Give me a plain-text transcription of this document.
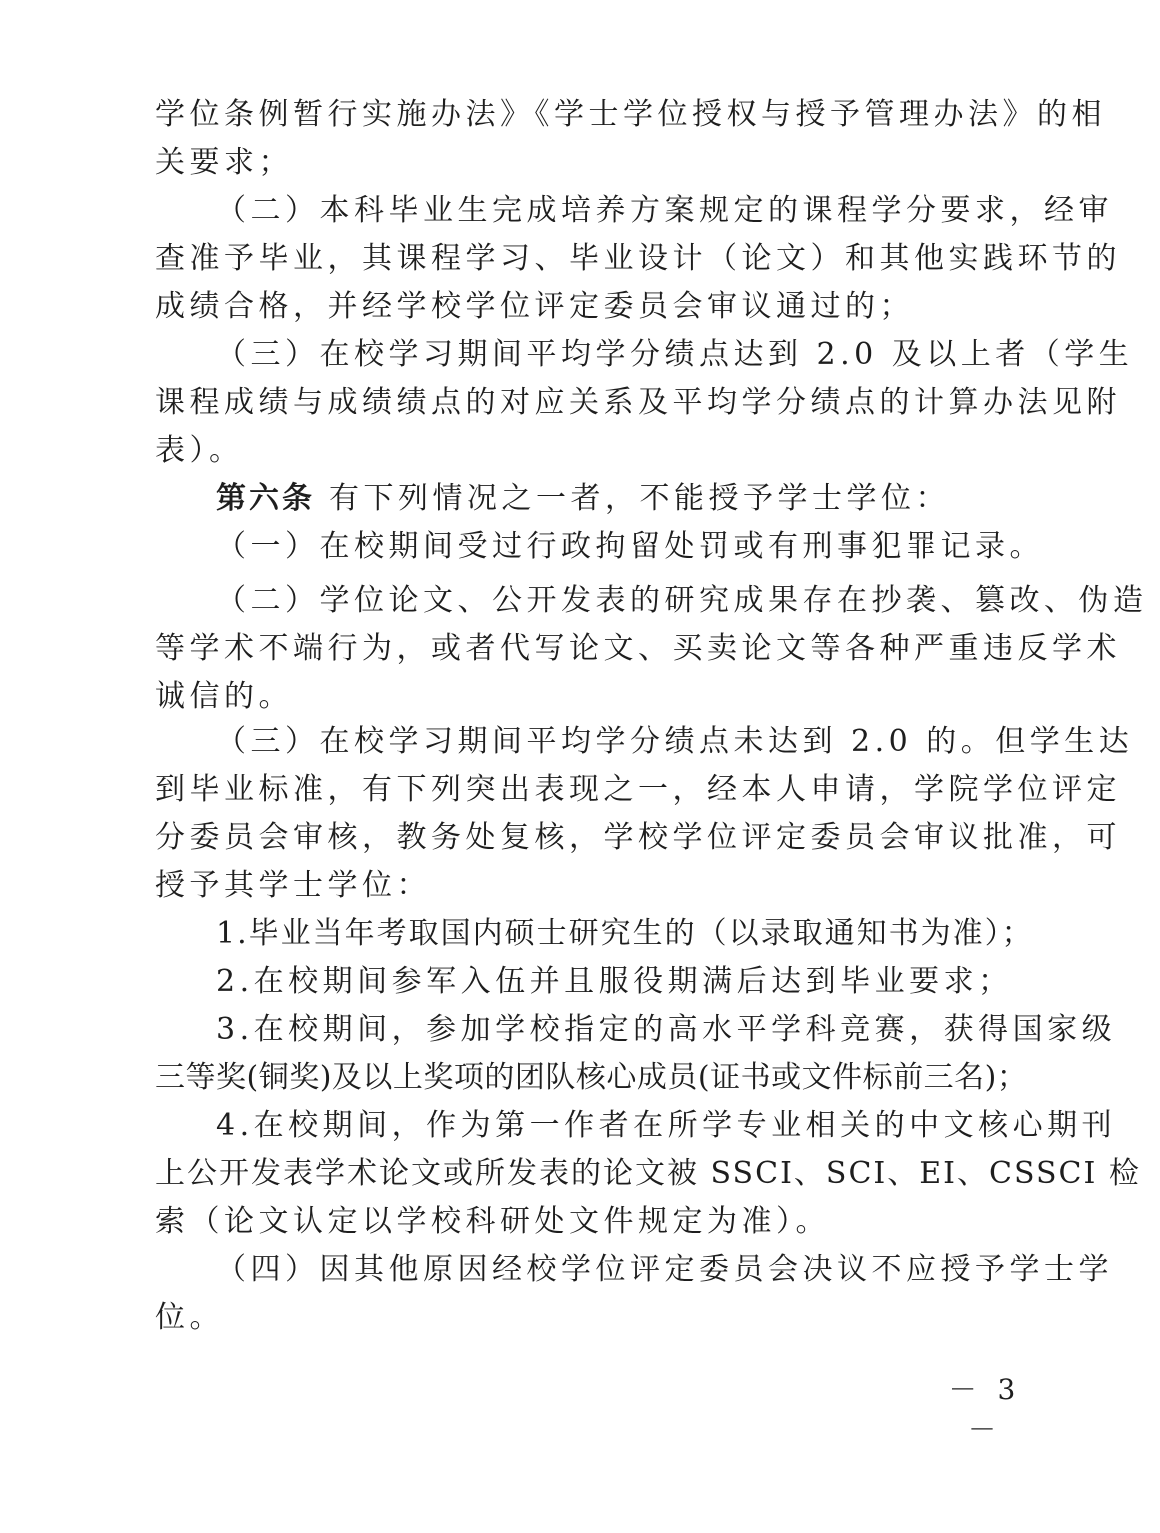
学位条例暂行实施办法》《学士学位授权与授予管理办法》的相
关要求；
（二）本科毕业生完成培养方案规定的课程学分要求，经审
查准予毕业，其课程学习、毕业设计（论文）和其他实践环节的
成绩合格，并经学校学位评定委员会审议通过的；
（三）在校学习期间平均学分绩点达到 2.0 及以上者（学生
课程成绩与成绩绩点的对应关系及平均学分绩点的计算办法见附
表）。
第六条 有下列情况之一者，不能授予学士学位：
（一）在校期间受过行政拘留处罚或有刑事犯罪记录。
（二）学位论文、公开发表的研究成果存在抄袭、篡改、伪造
等学术不端行为，或者代写论文、买卖论文等各种严重违反学术
诚信的。
（三）在校学习期间平均学分绩点未达到 2.0 的。但学生达
到毕业标准，有下列突出表现之一，经本人申请，学院学位评定
分委员会审核，教务处复核，学校学位评定委员会审议批准，可
授予其学士学位：
1.毕业当年考取国内硕士研究生的（以录取通知书为准）；
2.在校期间参军入伍并且服役期满后达到毕业要求；
3.在校期间，参加学校指定的高水平学科竞赛，获得国家级
三等奖(铜奖)及以上奖项的团队核心成员(证书或文件标前三名)；
4.在校期间，作为第一作者在所学专业相关的中文核心期刊
上公开发表学术论文或所发表的论文被 SSCI、SCI、EI、CSSCI 检
索（论文认定以学校科研处文件规定为准）。
（四）因其他原因经校学位评定委员会决议不应授予学士学
位。
－ 3 －
